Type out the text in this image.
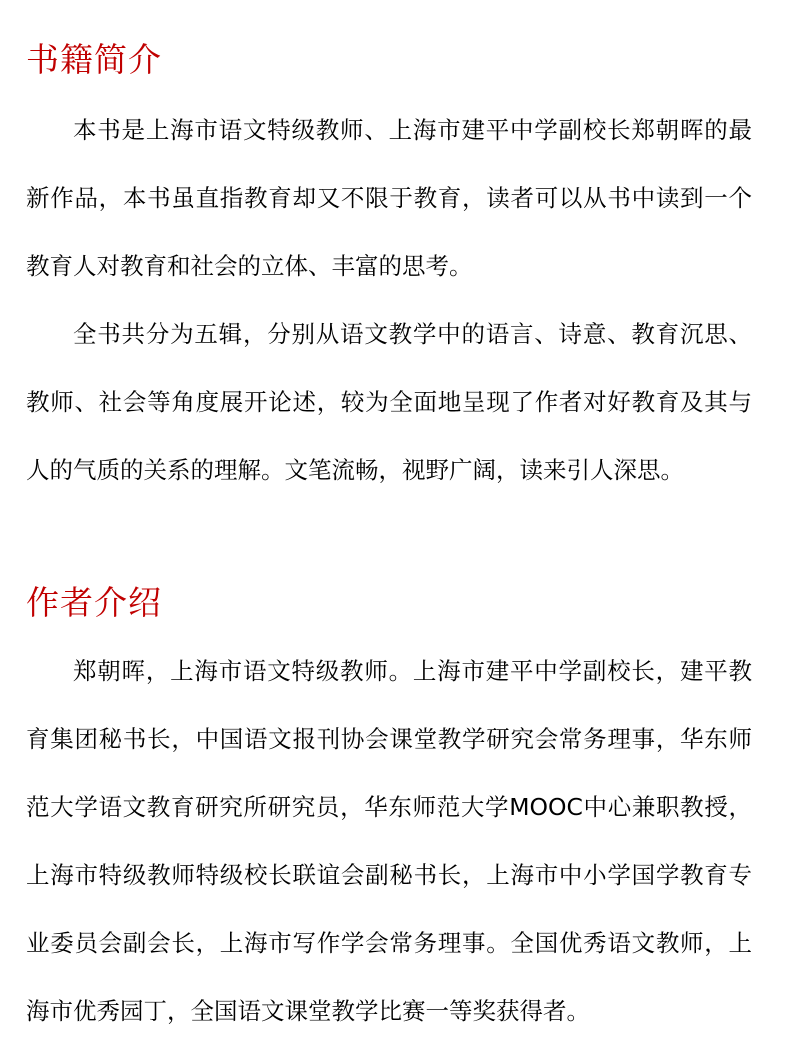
书籍简介

本书是上海市语文特级教师、上海市建平中学副校长郑朝晖的最新作品，本书虽直指教育却又不限于教育，读者可以从书中读到一个教育人对教育和社会的立体、丰富的思考。

全书共分为五辑，分别从语文教学中的语言、诗意、教育沉思、教师、社会等角度展开论述，较为全面地呈现了作者对好教育及其与人的气质的关系的理解。文笔流畅，视野广阔，读来引人深思。

作者介绍

郑朝晖，上海市语文特级教师。上海市建平中学副校长，建平教育集团秘书长，中国语文报刊协会课堂教学研究会常务理事，华东师范大学语文教育研究所研究员，华东师范大学MOOC中心兼职教授，上海市特级教师特级校长联谊会副秘书长，上海市中小学国学教育专业委员会副会长，上海市写作学会常务理事。全国优秀语文教师，上海市优秀园丁，全国语文课堂教学比赛一等奖获得者。
